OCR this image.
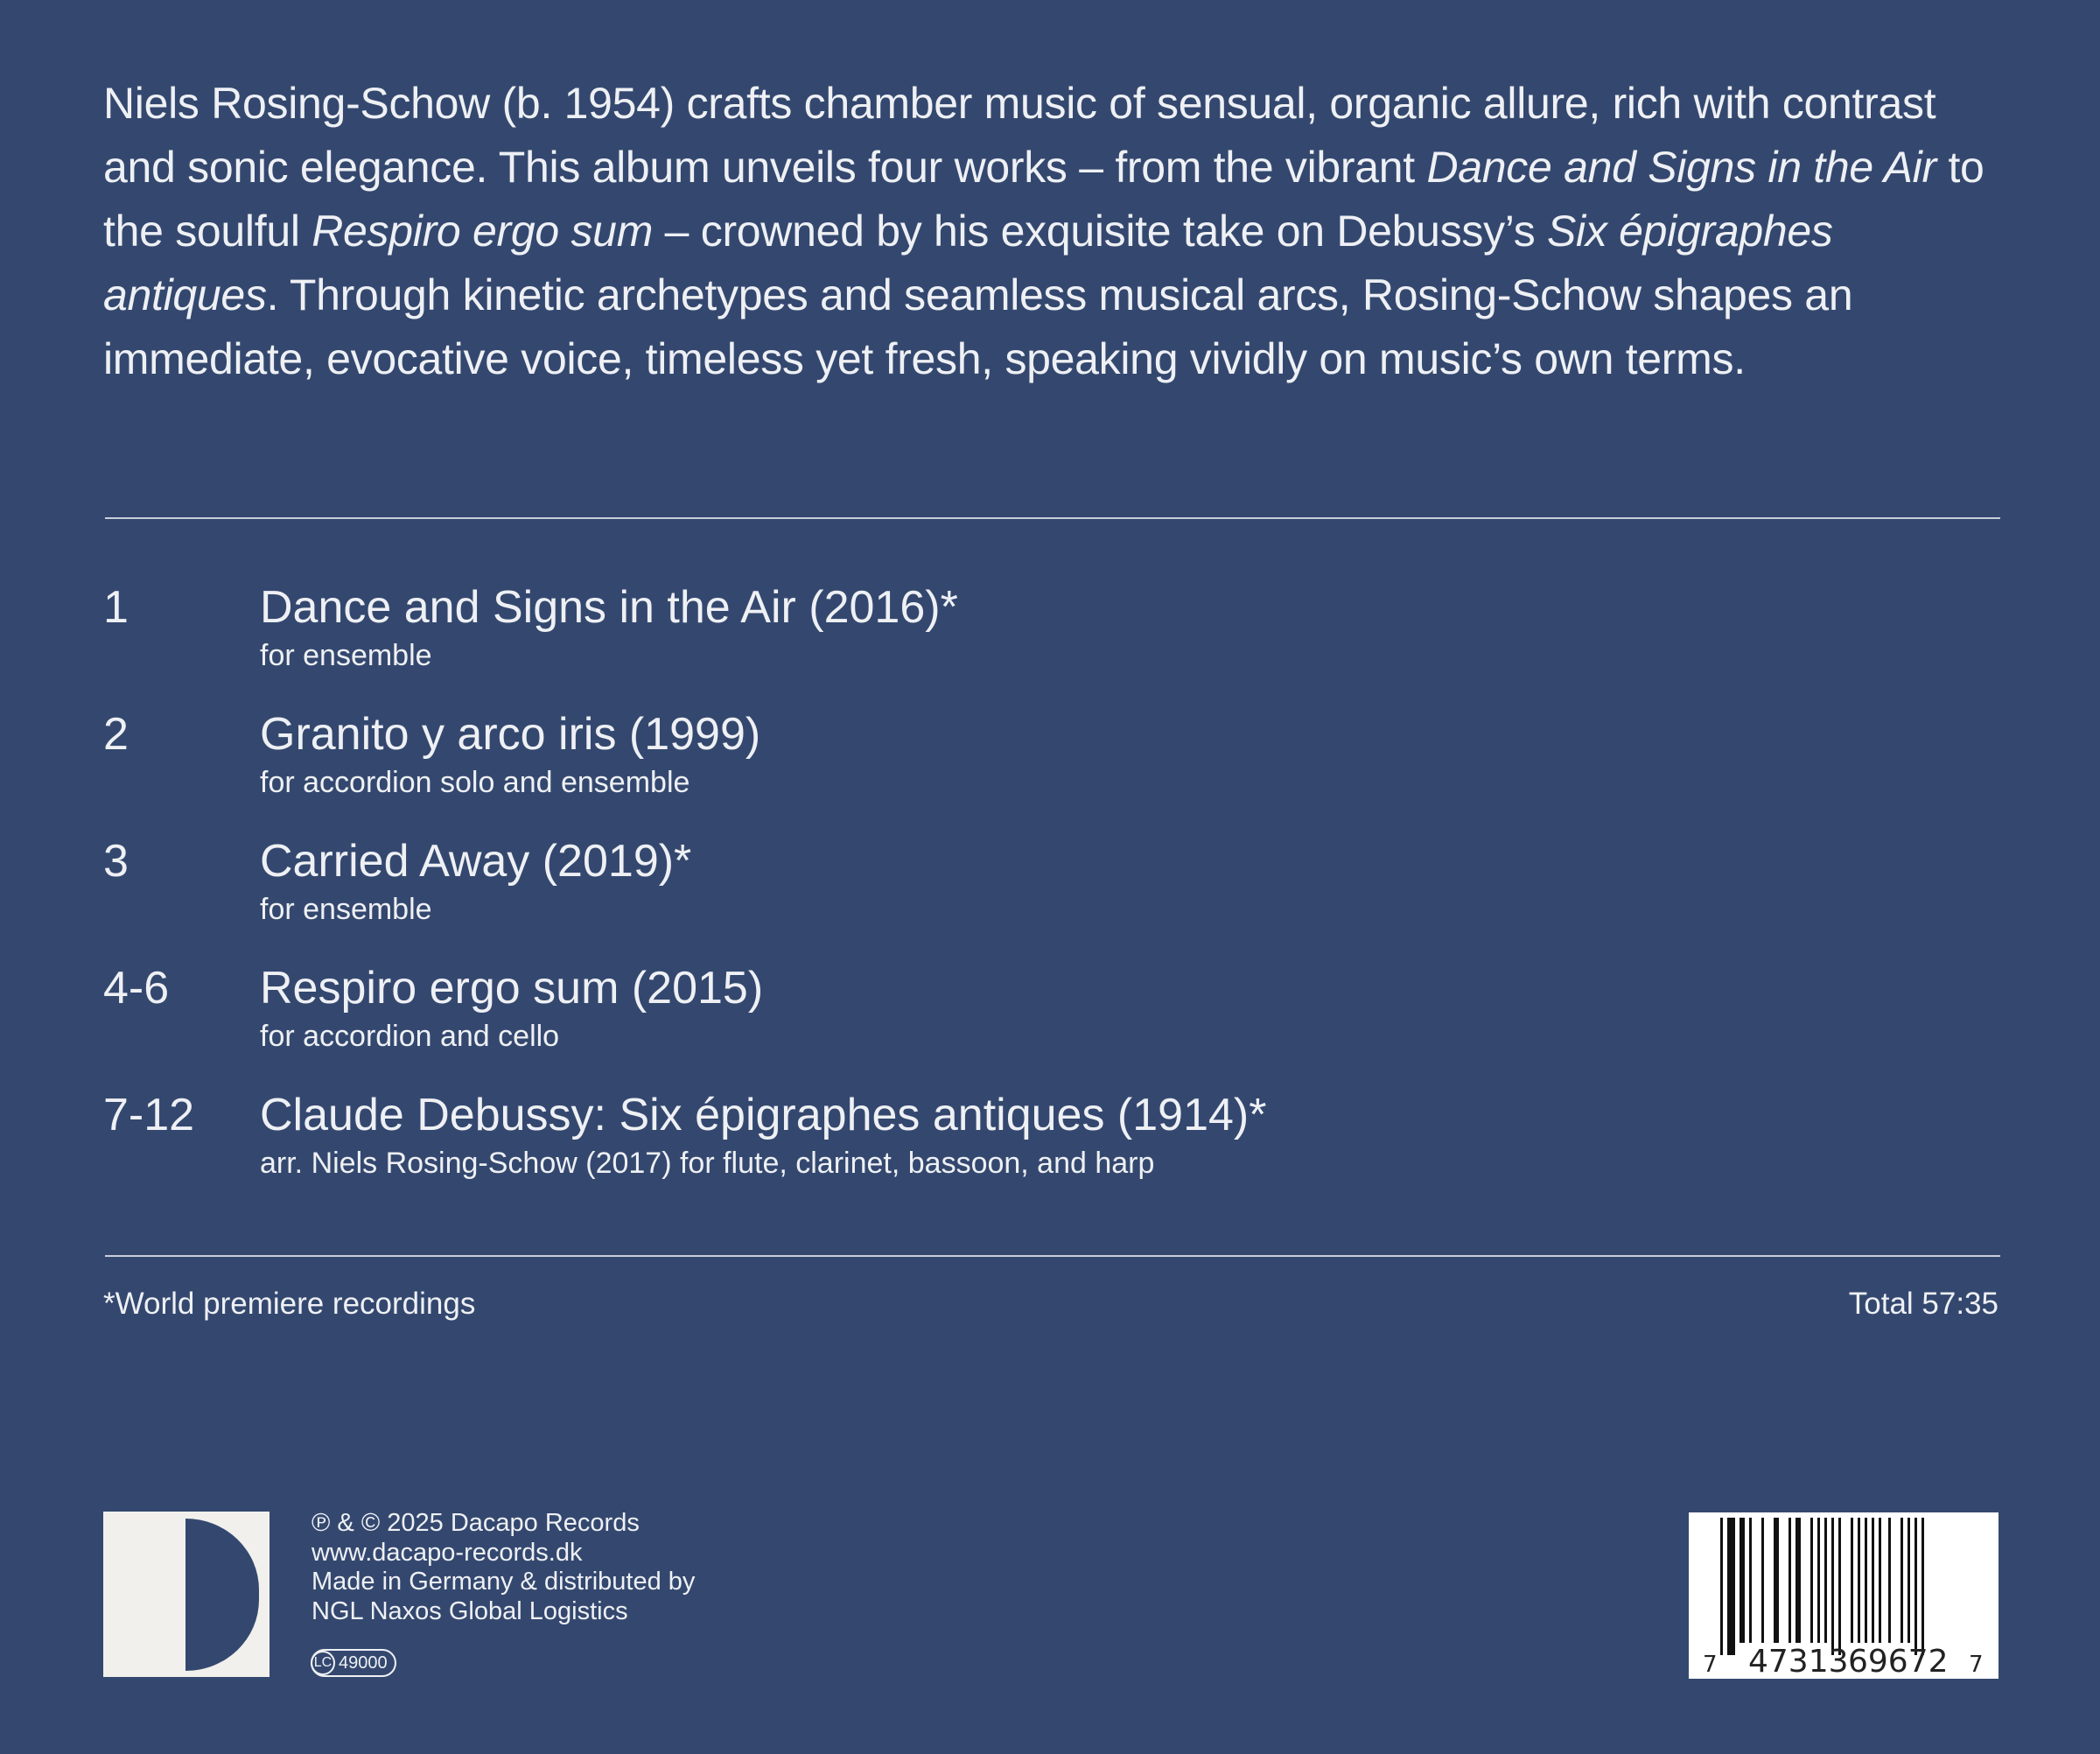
Niels Rosing-Schow (b. 1954) crafts chamber music of sensual, organic allure, rich with contrast and sonic elegance. This album unveils four works – from the vibrant Dance and Signs in the Air to the soulful Respiro ergo sum – crowned by his exquisite take on Debussy’s Six épigraphes antiques. Through kinetic archetypes and seamless musical arcs, Rosing-Schow shapes an immediate, evocative voice, timeless yet fresh, speaking vividly on music’s own terms.
1	Dance and Signs in the Air (2016)*
for ensemble
2	Granito y arco iris (1999)
for accordion solo and ensemble
3	Carried Away (2019)*
for ensemble
4-6 Respiro ergo sum (2015)
for accordion and cello
7-12 Claude Debussy: Six épigraphes antiques (1914)*
arr. Niels Rosing-Schow (2017) for flute, clarinet, bassoon, and harp
*World premiere recordings	Total 57:35
℗ & © 2025 Dacapo Records
www.dacapo-records.dk
Made in Germany & distributed by
NGL Naxos Global Logistics
LC 49000	7 47313 69672 7
